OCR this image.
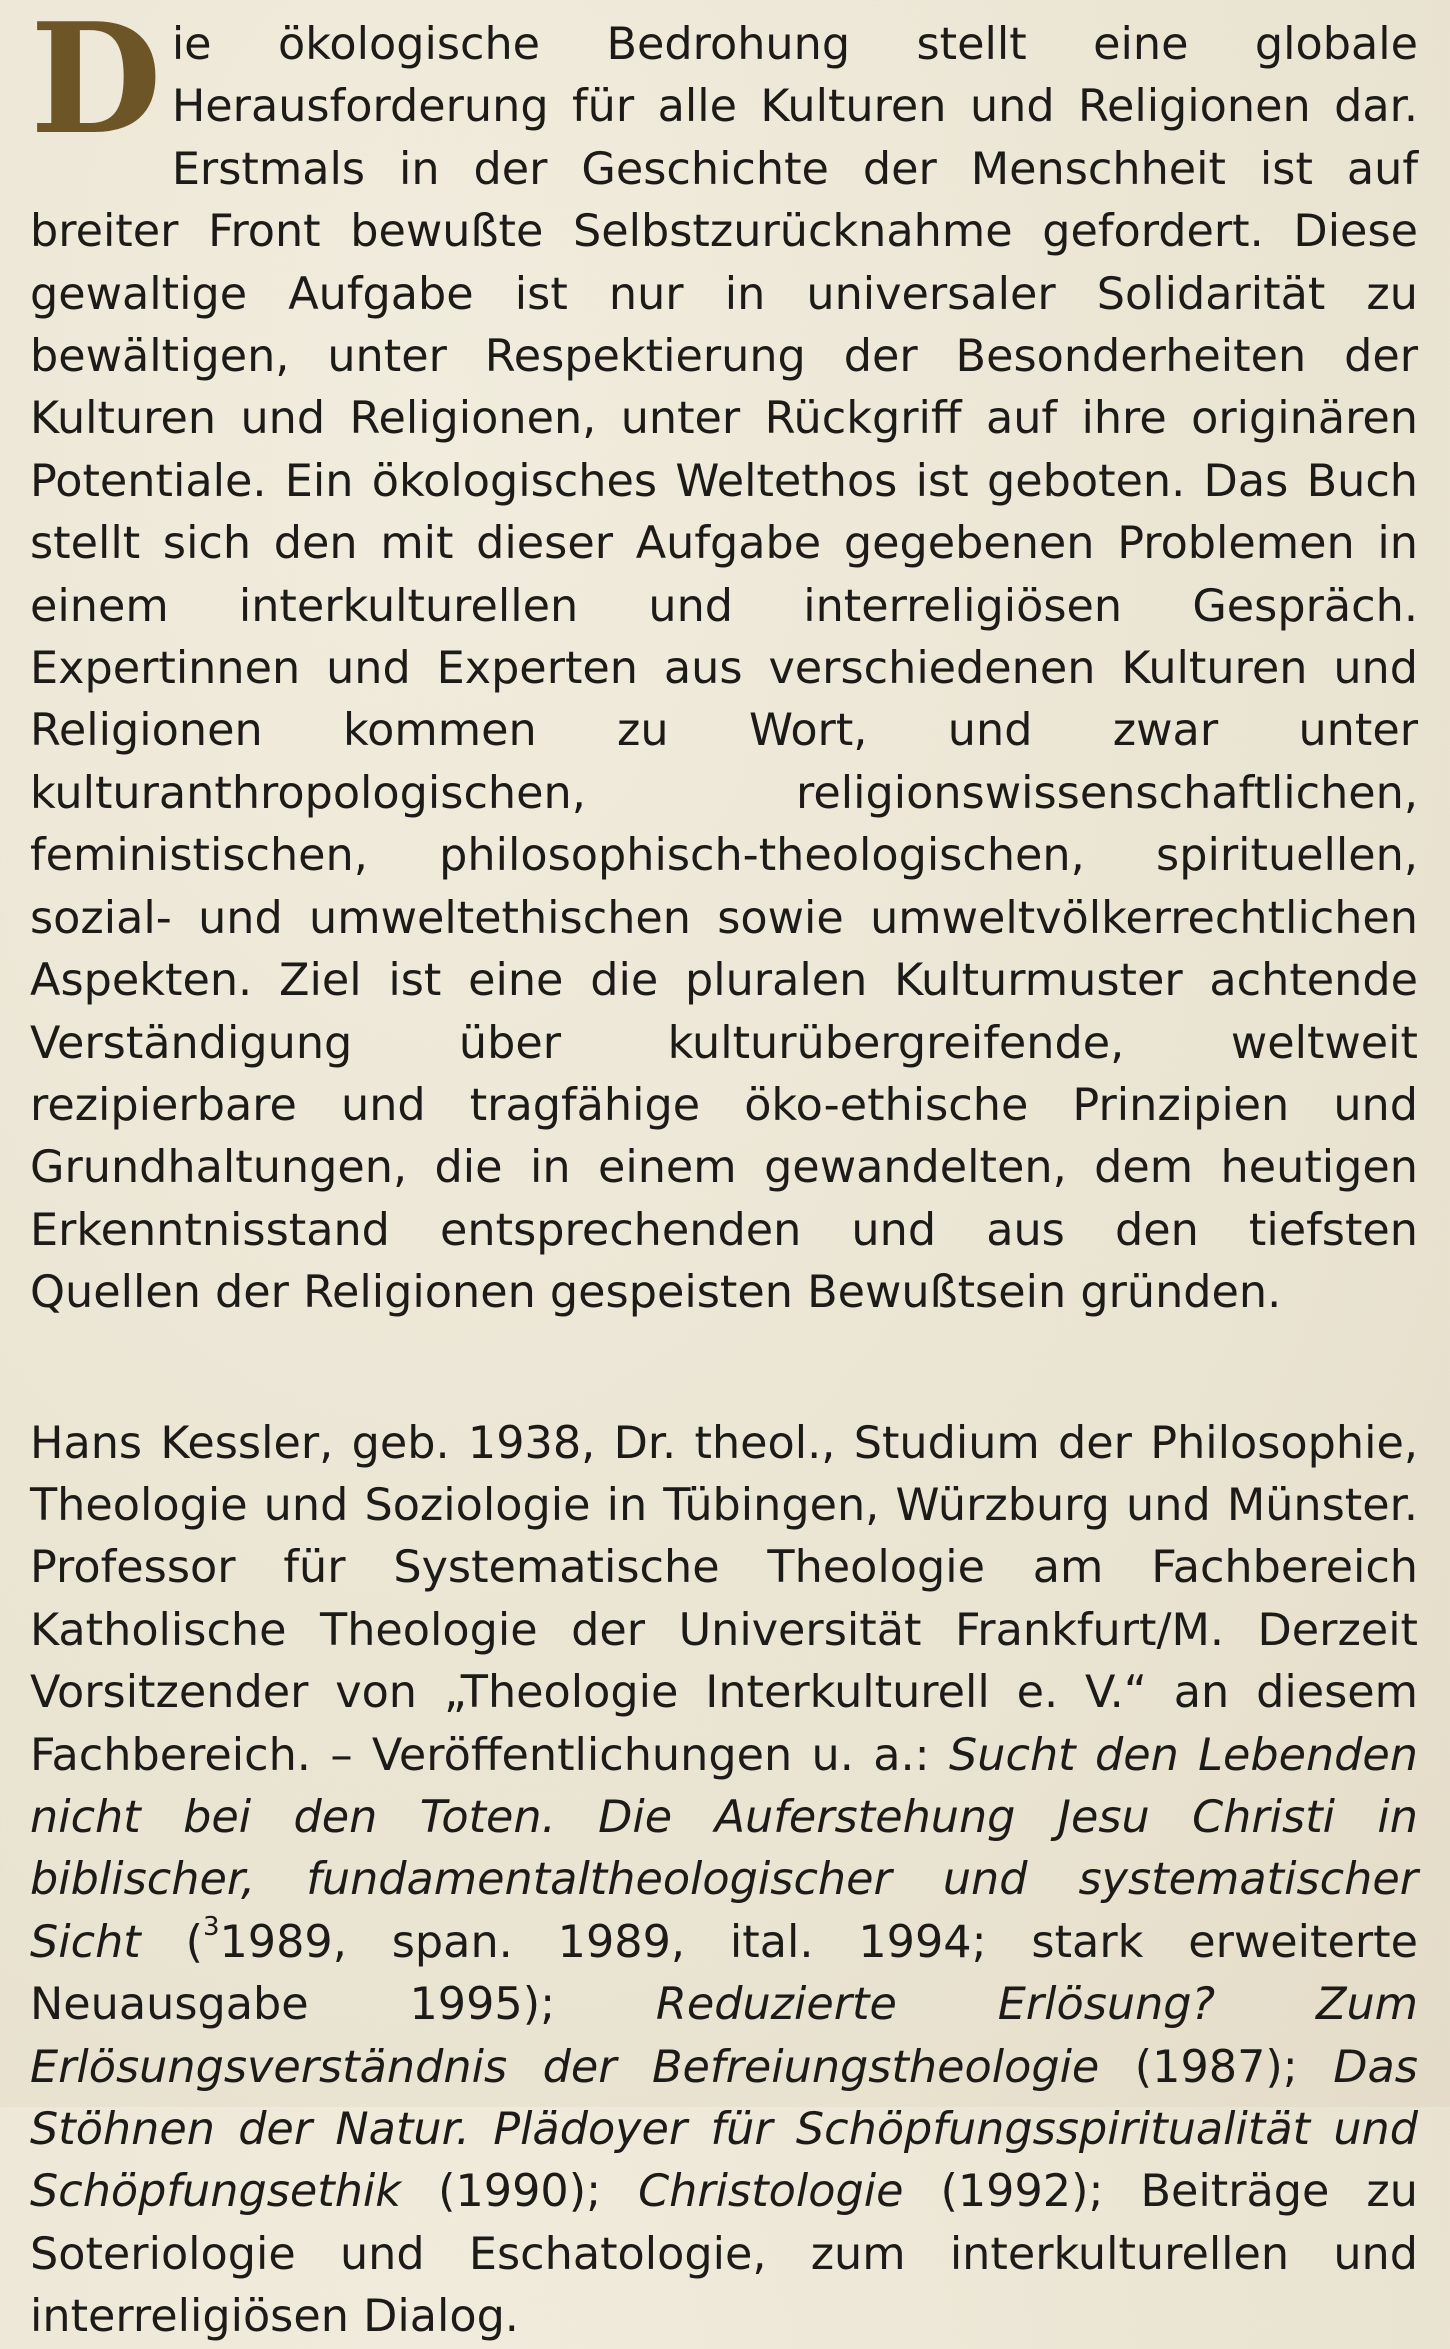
Die ökologische Bedrohung stellt eine globale Herausforderung für alle Kulturen und Religionen dar. Erstmals in der Geschichte der Menschheit ist auf breiter Front bewußte Selbstzurücknahme gefordert. Diese gewaltige Aufgabe ist nur in universaler Solidarität zu bewältigen, unter Respektierung der Besonderheiten der Kulturen und Religionen, unter Rückgriff auf ihre originären Potentiale. Ein ökologisches Weltethos ist geboten. Das Buch stellt sich den mit dieser Aufgabe gegebenen Problemen in einem interkulturellen und interreligiösen Gespräch. Expertinnen und Experten aus verschiedenen Kulturen und Religionen kommen zu Wort, und zwar unter kulturanthropologischen, religionswissenschaftlichen, feministischen, philosophisch-theologischen, spirituellen, sozial- und umweltethischen sowie umweltvölkerrechtlichen Aspekten. Ziel ist eine die pluralen Kulturmuster achtende Verständigung über kulturübergreifende, weltweit rezipierbare und tragfähige öko-ethische Prinzipien und Grundhaltungen, die in einem gewandelten, dem heutigen Erkenntnisstand entsprechenden und aus den tiefsten Quellen der Religionen gespeisten Bewußtsein gründen.

Hans Kessler, geb. 1938, Dr. theol., Studium der Philosophie, Theologie und Soziologie in Tübingen, Würzburg und Münster. Professor für Systematische Theologie am Fachbereich Katholische Theologie der Universität Frankfurt/M. Derzeit Vorsitzender von „Theologie Interkulturell e. V.“ an diesem Fachbereich. – Veröffentlichungen u. a.: Sucht den Lebenden nicht bei den Toten. Die Auferstehung Jesu Christi in biblischer, fundamentaltheologischer und systematischer Sicht ($^3$1989, span. 1989, ital. 1994; stark erweiterte Neuausgabe 1995); Reduzierte Erlösung? Zum Erlösungsverständnis der Befreiungstheologie (1987); Das Stöhnen der Natur. Plädoyer für Schöpfungsspiritualität und Schöpfungsethik (1990); Christologie (1992); Beiträge zu Soteriologie und Eschatologie, zum interkulturellen und interreligiösen Dialog.
